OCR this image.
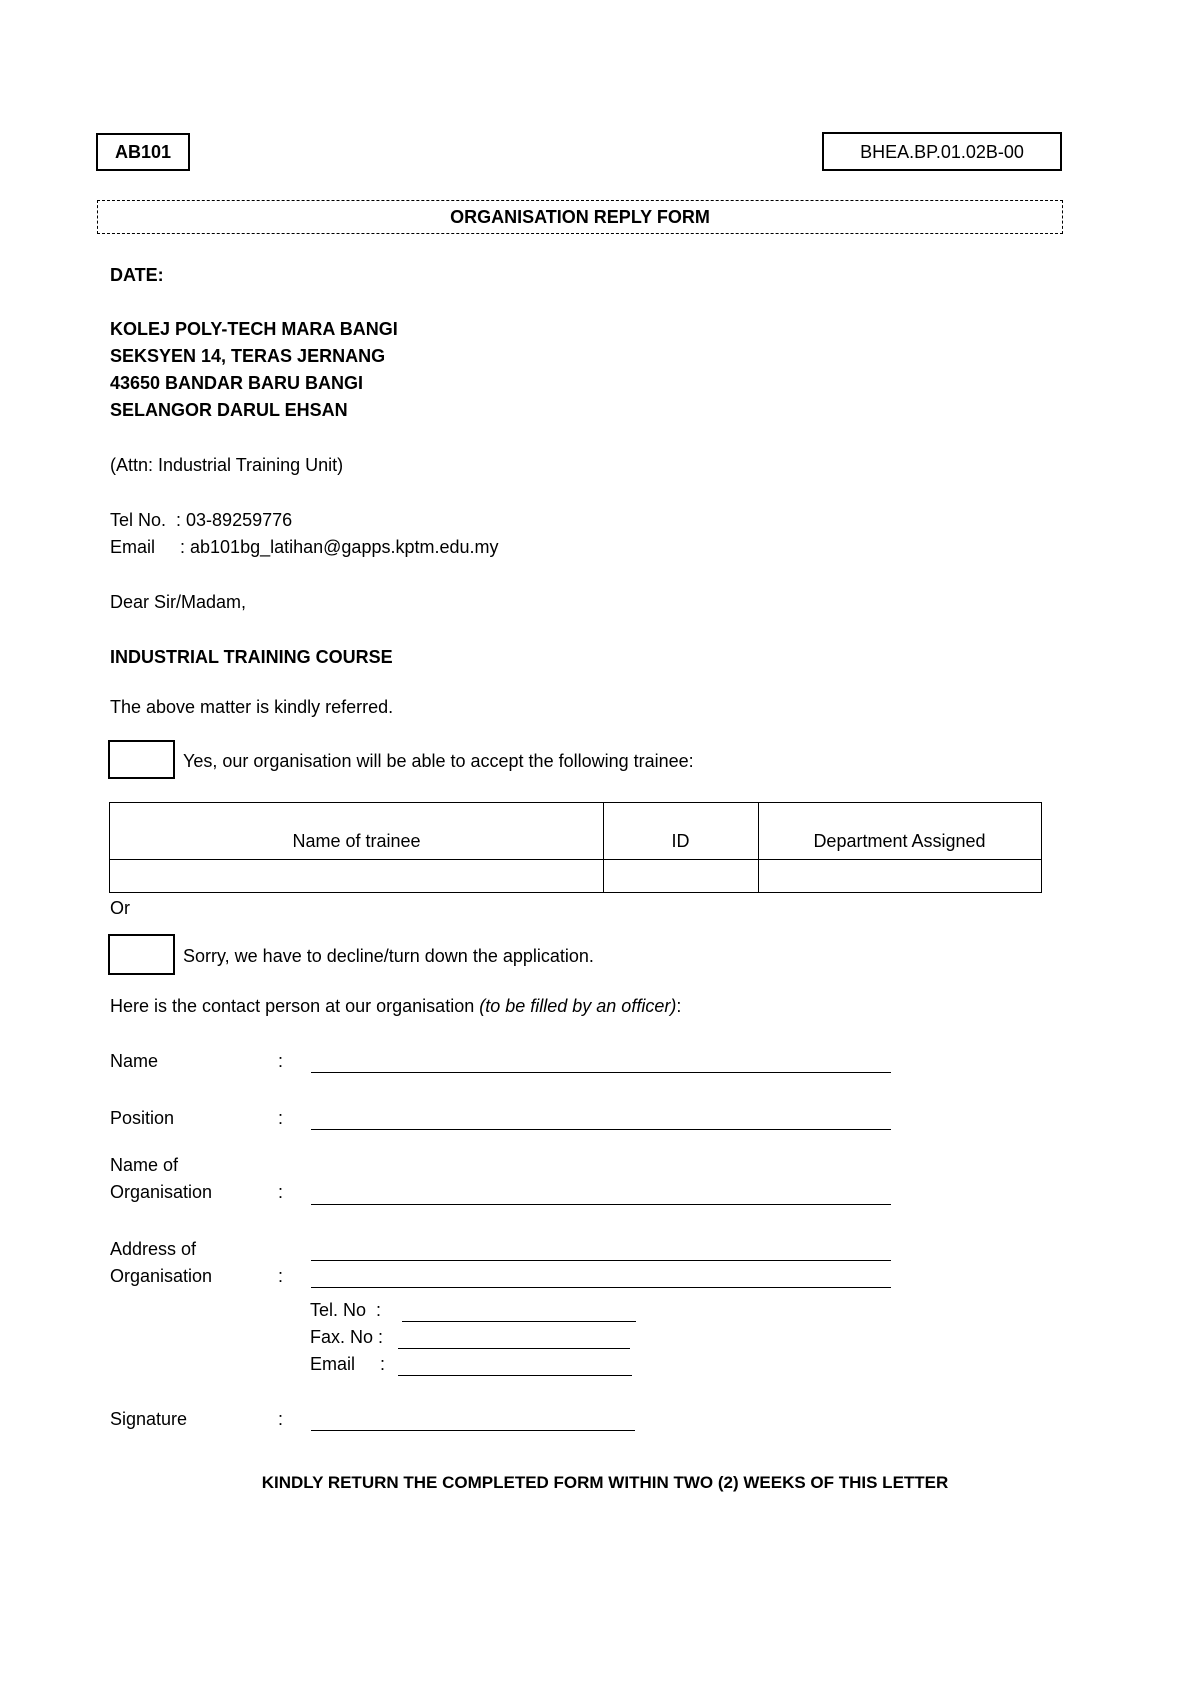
AB101	BHEA.BP.01.02B-00
ORGANISATION REPLY FORM
DATE:
KOLEJ POLY-TECH MARA BANGI
SEKSYEN 14, TERAS JERNANG
43650 BANDAR BARU BANGI
SELANGOR DARUL EHSAN
(Attn: Industrial Training Unit)
Tel No.  : 03-89259776
Email     : ab101bg_latihan@gapps.kptm.edu.my
Dear Sir/Madam,
INDUSTRIAL TRAINING COURSE
The above matter is kindly referred.
Yes, our organisation will be able to accept the following trainee:
Name of trainee	ID	Department Assigned
Or
Sorry, we have to decline/turn down the application.
Here is the contact person at our organisation (to be filled by an officer):
Name	:
Position	:
Name of
Organisation	:
Address of
Organisation	:
Tel. No  :
Fax. No :
Email     :
Signature	:
KINDLY RETURN THE COMPLETED FORM WITHIN TWO (2) WEEKS OF THIS LETTER
